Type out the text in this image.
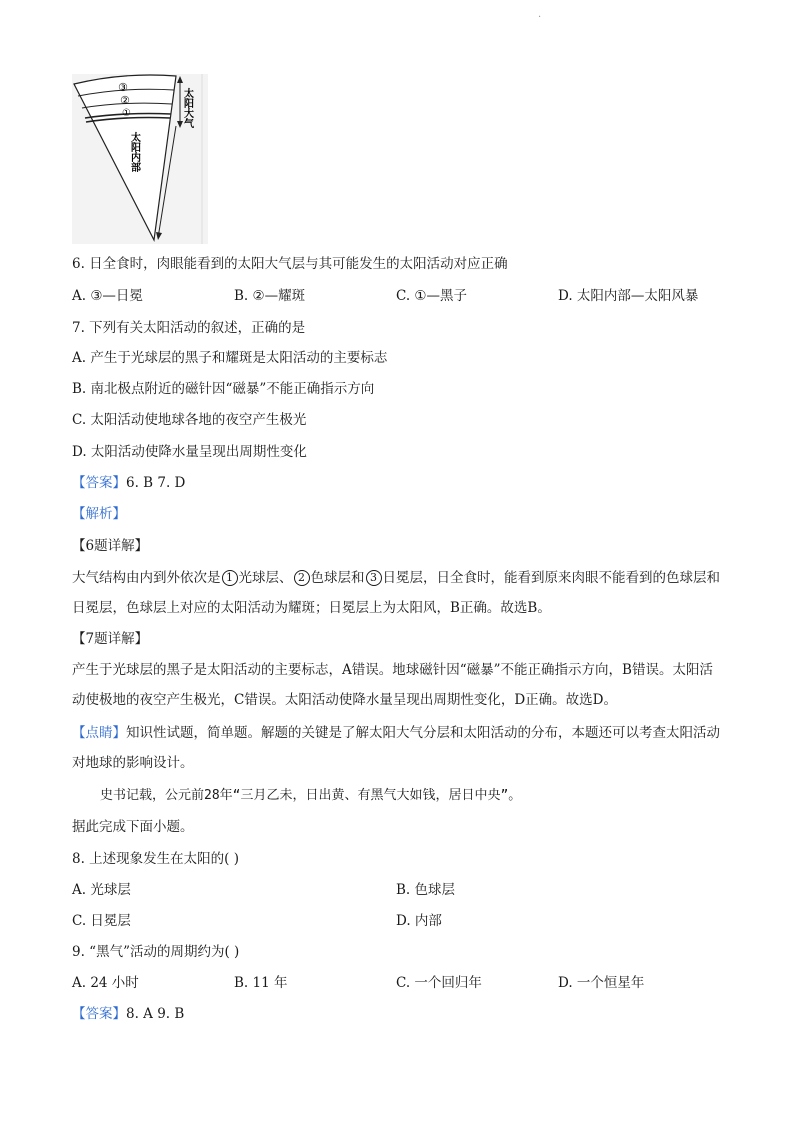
·
③
②
①	太阳大气
太阳内部
6. 日全食时，肉眼能看到的太阳大气层与其可能发生的太阳活动对应正确
A. ③—日冕	B. ②—耀斑	C. ①—黑子	D. 太阳内部—太阳风暴
7. 下列有关太阳活动的叙述，正确的是
A. 产生于光球层的黑子和耀斑是太阳活动的主要标志
B. 南北极点附近的磁针因“磁暴”不能正确指示方向
C. 太阳活动使地球各地的夜空产生极光
D. 太阳活动使降水量呈现出周期性变化
【答案】6. B 7. D
【解析】
【6题详解】
大气结构由内到外依次是 1 光球层、 2 色球层和 3 日冕层，日全食时，能看到原来肉眼不能看到的色球层和日冕层，色球层上对应的太阳活动为耀斑；日冕层上为太阳风，B正确。故选B。
【7题详解】
产生于光球层的黑子是太阳活动的主要标志，A错误。地球磁针因“磁暴”不能正确指示方向，B错误。太阳活动使极地的夜空产生极光，C错误。太阳活动使降水量呈现出周期性变化，D正确。故选D。
【点睛】知识性试题，简单题。解题的关键是了解太阳大气分层和太阳活动的分布，本题还可以考查太阳活动对地球的影响设计。
史书记载，公元前28年“三月乙未，日出黄、有黑气大如钱，居日中央”。
据此完成下面小题。
8. 上述现象发生在太阳的( )
A. 光球层	B. 色球层
C. 日冕层	D. 内部
9. “黑气”活动的周期约为( )
A. 24 小时	B. 11 年	C. 一个回归年	D. 一个恒星年
【答案】8. A 9. B
